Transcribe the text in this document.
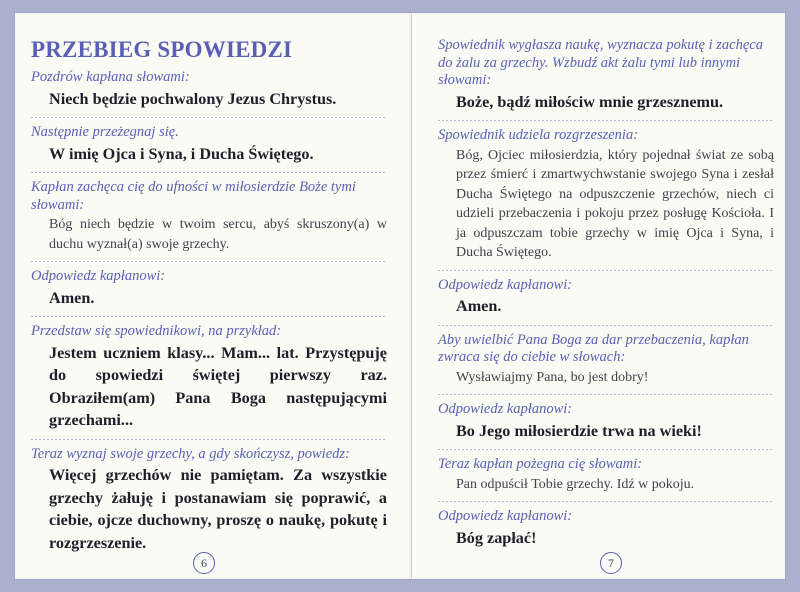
PRZEBIEG SPOWIEDZI

Pozdrów kapłana słowami:

Niech będzie pochwalony Jezus Chrystus.

Następnie przeżegnaj się.

W imię Ojca i Syna, i Ducha Świętego.

Kapłan zachęca cię do ufności w miłosierdzie Boże tymi słowami:

Bóg niech będzie w twoim sercu, abyś skruszony(a) w duchu wyznał(a) swoje grzechy.

Odpowiedz kapłanowi:

Amen.

Przedstaw się spowiednikowi, na przykład:

Jestem uczniem klasy... Mam... lat. Przystępuję do spowiedzi świętej pierwszy raz. Obraziłem(am) Pana Boga następującymi grzechami...

Teraz wyznaj swoje grzechy, a gdy skończysz, powiedz:

Więcej grzechów nie pamiętam. Za wszystkie grzechy żałuję i postanawiam się poprawić, a ciebie, ojcze duchowny, proszę o naukę, pokutę i rozgrzeszenie.

6

Spowiednik wygłasza naukę, wyznacza pokutę i zachęca do żalu za grzechy. Wzbudź akt żalu tymi lub innymi słowami:

Boże, bądź miłościw mnie grzesznemu.

Spowiednik udziela rozgrzeszenia:

Bóg, Ojciec miłosierdzia, który pojednał świat ze sobą przez śmierć i zmartwychwstanie swojego Syna i zesłał Ducha Świętego na odpuszczenie grzechów, niech ci udzieli przebaczenia i pokoju przez posługę Kościoła. I ja odpuszczam tobie grzechy w imię Ojca i Syna, i Ducha Świętego.

Odpowiedz kapłanowi:

Amen.

Aby uwielbić Pana Boga za dar przebaczenia, kapłan zwraca się do ciebie w słowach:

Wysławiajmy Pana, bo jest dobry!

Odpowiedz kapłanowi:

Bo Jego miłosierdzie trwa na wieki!

Teraz kapłan pożegna cię słowami:

Pan odpuścił Tobie grzechy. Idź w pokoju.

Odpowiedz kapłanowi:

Bóg zapłać!

7
